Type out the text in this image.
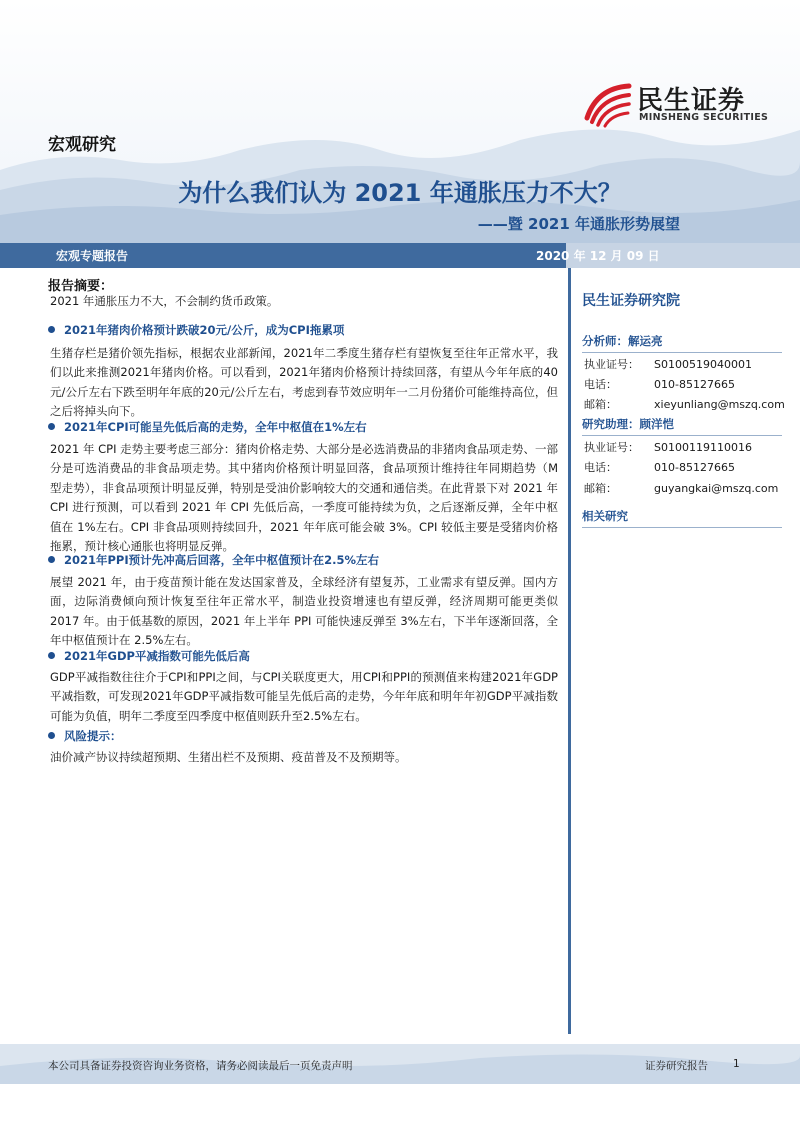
民生证券
MINSHENG SECURITIES
宏观研究
为什么我们认为 2021 年通胀压力不大？
——暨 2021 年通胀形势展望
宏观专题报告	2020 年 12 月 09 日
报告摘要：
2021 年通胀压力不大，不会制约货币政策。
2021年猪肉价格预计跌破20元/公斤，成为CPI拖累项
生猪存栏是猪价领先指标，根据农业部新闻，2021年二季度生猪存栏有望恢复至往年正常水平，我们以此来推测2021年猪肉价格。可以看到，2021年猪肉价格预计持续回落，有望从今年年底的40元/公斤左右下跌至明年年底的20元/公斤左右，考虑到春节效应明年一二月份猪价可能维持高位，但之后将掉头向下。
2021年CPI可能呈先低后高的走势，全年中枢值在1%左右
2021 年 CPI 走势主要考虑三部分：猪肉价格走势、大部分是必选消费品的非猪肉食品项走势、一部分是可选消费品的非食品项走势。其中猪肉价格预计明显回落，食品项预计维持往年同期趋势（M 型走势），非食品项预计明显反弹，特别是受油价影响较大的交通和通信类。在此背景下对 2021 年 CPI 进行预测，可以看到 2021 年 CPI 先低后高，一季度可能持续为负，之后逐渐反弹，全年中枢值在 1%左右。CPI 非食品项则持续回升，2021 年年底可能会破 3%。CPI 较低主要是受猪肉价格拖累，预计核心通胀也将明显反弹。
2021年PPI预计先冲高后回落，全年中枢值预计在2.5%左右
展望 2021 年，由于疫苗预计能在发达国家普及，全球经济有望复苏，工业需求有望反弹。国内方面，边际消费倾向预计恢复至往年正常水平，制造业投资增速也有望反弹，经济周期可能更类似 2017 年。由于低基数的原因，2021 年上半年 PPI 可能快速反弹至 3%左右，下半年逐渐回落，全年中枢值预计在 2.5%左右。
2021年GDP平减指数可能先低后高
GDP平减指数往往介于CPI和PPI之间，与CPI关联度更大，用CPI和PPI的预测值来构建2021年GDP平减指数，可发现2021年GDP平减指数可能呈先低后高的走势，今年年底和明年年初GDP平减指数可能为负值，明年二季度至四季度中枢值则跃升至2.5%左右。
风险提示：
油价减产协议持续超预期、生猪出栏不及预期、疫苗普及不及预期等。
民生证券研究院
分析师：解运亮
执业证号： S0100519040001
电话：	010-85127665
邮箱：	xieyunliang@mszq.com
研究助理：顾洋恺
执业证号： S0100119110016
电话：	010-85127665
邮箱：	guyangkai@mszq.com
相关研究
本公司具备证券投资咨询业务资格，请务必阅读最后一页免责声明	证券研究报告 1
